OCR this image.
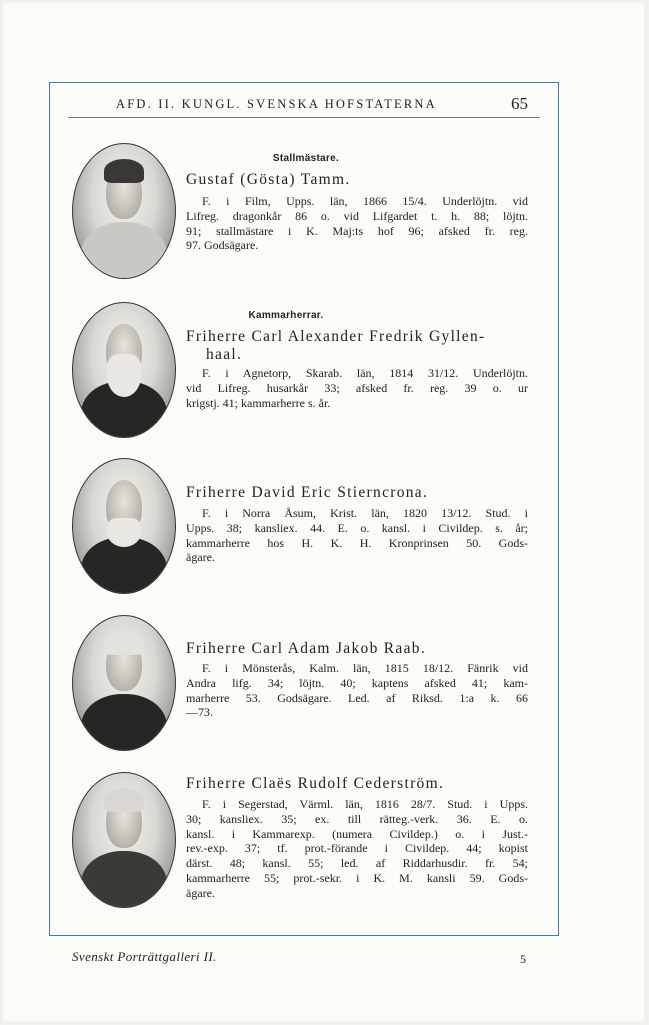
AFD. II. KUNGL. SVENSKA HOFSTATERNA	65
Stallmästare.
Gustaf (Gösta) Tamm.

F. i Film, Upps. län, 1866 15/4. Underlöjtn. vid

Lifreg. dragonkår 86 o. vid Lifgardet t. h. 88; löjtn.

91; stallmästare i K. Maj:ts hof 96; afsked fr. reg.

97. Godsägare.

Kammarherrar.
Friherre Carl Alexander Fredrik Gyllen-
haal.

F. i Agnetorp, Skarab. län, 1814 31/12. Underlöjtn.

vid Lifreg. husarkår 33; afsked fr. reg. 39 o. ur

krigstj. 41; kammarherre s. år.

Friherre David Eric Stierncrona.

F. i Norra Åsum, Krist. län, 1820 13/12. Stud. i

Upps. 38; kansliex. 44. E. o. kansl. i Civildep. s. år;

kammarherre hos H. K. H. Kronprinsen 50. Gods-

ägare.

Friherre Carl Adam Jakob Raab.

F. i Mönsterås, Kalm. län, 1815 18/12. Fänrik vid

Andra lifg. 34; löjtn. 40; kaptens afsked 41; kam-

marherre 53. Godsägare. Led. af Riksd. 1:a k. 66

—73.

Friherre Claës Rudolf Cederström.

F. i Segerstad, Värml. län, 1816 28/7. Stud. i Upps.

30; kansliex. 35; ex. till rätteg.-verk. 36. E. o.

kansl. i Kammarexp. (numera Civildep.) o. i Just.-

rev.-exp. 37; tf. prot.-förande i Civildep. 44; kopist

därst. 48; kansl. 55; led. af Riddarhusdir. fr. 54;

kammarherre 55; prot.-sekr. i K. M. kansli 59. Gods-

ägare.

Svenskt Porträttgalleri II.	5
